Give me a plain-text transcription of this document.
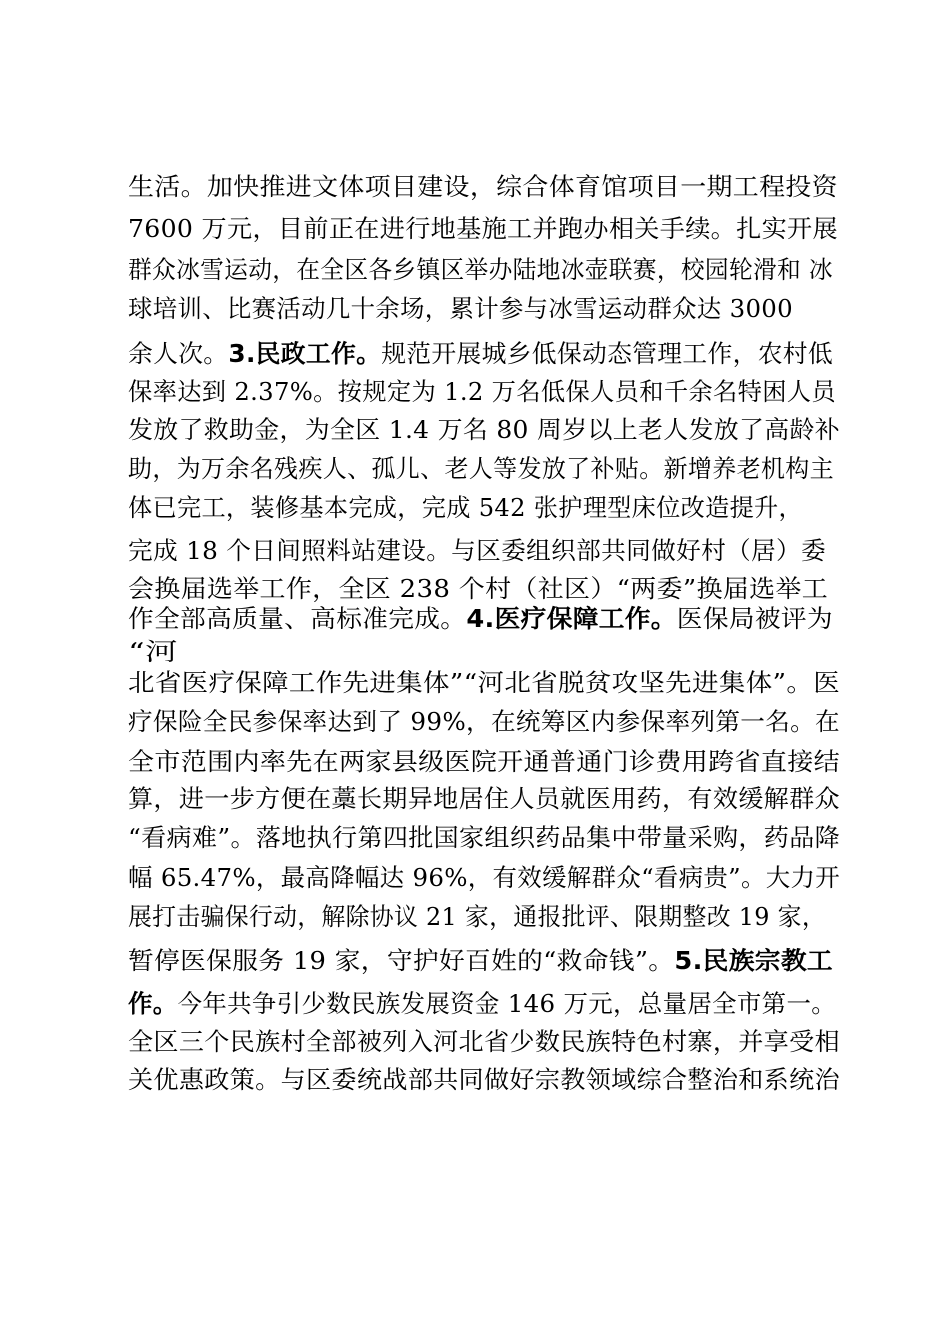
生活。加快推进文体项目建设，综合体育馆项目一期工程投资
7600 万元，目前正在进行地基施工并跑办相关手续。扎实开展
群众冰雪运动，在全区各乡镇区举办陆地冰壶联赛，校园轮滑和 冰
球培训、比赛活动几十余场，累计参与冰雪运动群众达 3000
余人次。3.民政工作。规范开展城乡低保动态管理工作，农村低
保率达到 2.37%。按规定为 1.2 万名低保人员和千余名特困人员
发放了救助金，为全区 1.4 万名 80 周岁以上老人发放了高龄补
助，为万余名残疾人、孤儿、老人等发放了补贴。新增养老机构主
体已完工，装修基本完成，完成 542 张护理型床位改造提升，
完成 18 个日间照料站建设。与区委组织部共同做好村（居）委
会换届选举工作，全区 238 个村（社区）“两委”换届选举工
作全部高质量、高标准完成。4.医疗保障工作。医保局被评为
“河
北省医疗保障工作先进集体”“河北省脱贫攻坚先进集体”。医
疗保险全民参保率达到了 99%，在统筹区内参保率列第一名。在
全市范围内率先在两家县级医院开通普通门诊费用跨省直接结
算，进一步方便在藁长期异地居住人员就医用药，有效缓解群众
“看病难”。落地执行第四批国家组织药品集中带量采购，药品降
幅 65.47%，最高降幅达 96%，有效缓解群众“看病贵”。大力开
展打击骗保行动，解除协议 21 家，通报批评、限期整改 19 家，
暂停医保服务 19 家，守护好百姓的“救命钱”。5.民族宗教工
作。今年共争引少数民族发展资金 146 万元，总量居全市第一。
全区三个民族村全部被列入河北省少数民族特色村寨，并享受相
关优惠政策。与区委统战部共同做好宗教领域综合整治和系统治
